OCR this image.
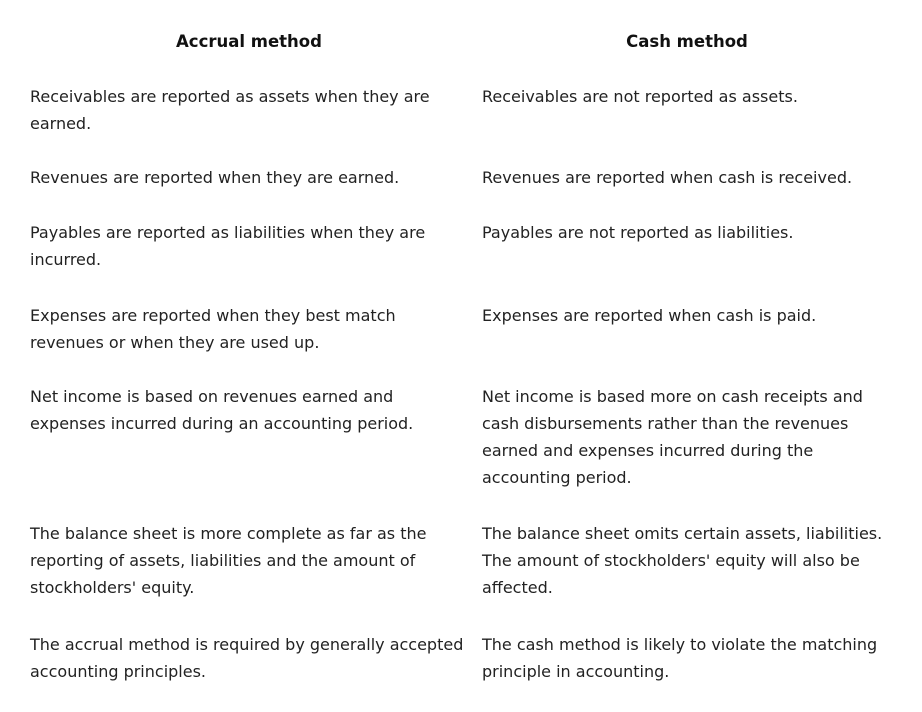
Accrual method	Cash method
Receivables are reported as assets when they are earned.
Receivables are not reported as assets.
Revenues are reported when they are earned.	Revenues are reported when cash is received.
Payables are reported as liabilities when they are incurred.
Payables are not reported as liabilities.
Expenses are reported when they best match revenues or when they are used up.
Expenses are reported when cash is paid.
Net income is based on revenues earned and expenses incurred during an accounting period.
Net income is based more on cash receipts and cash disbursements rather than the revenues earned and expenses incurred during the accounting period.
The balance sheet is more complete as far as the reporting of assets, liabilities and the amount of stockholders' equity.
The balance sheet omits certain assets, liabilities. The amount of stockholders' equity will also be affected.
The accrual method is required by generally accepted accounting principles.
The cash method is likely to violate the matching principle in accounting.
